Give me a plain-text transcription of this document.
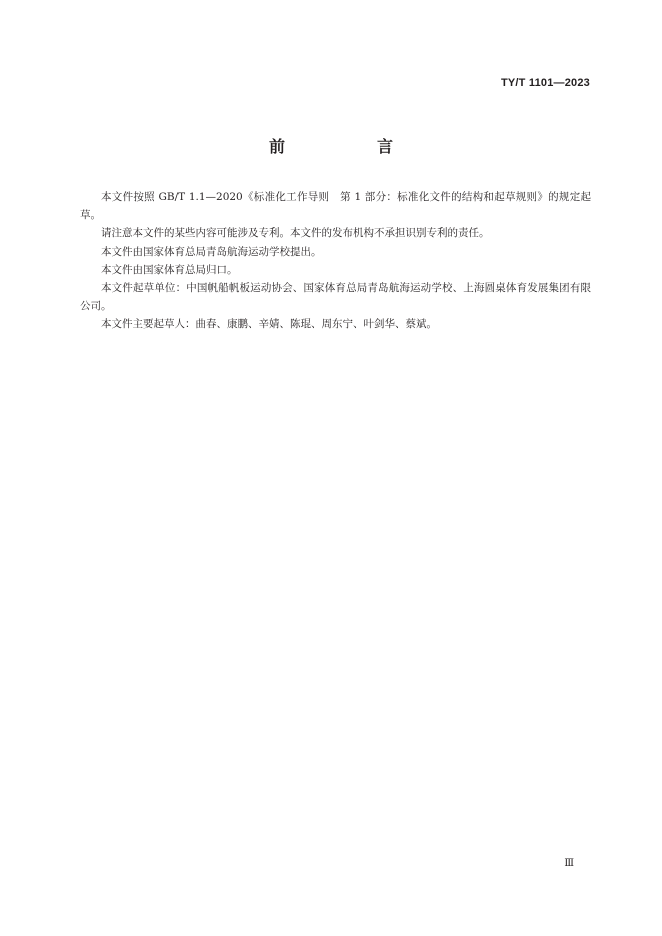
TY/T 1101—2023
前　言

本文件按照 GB/T 1.1—2020《标准化工作导则　第 1 部分：标准化文件的结构和起草规则》的规定起草。

请注意本文件的某些内容可能涉及专利。本文件的发布机构不承担识别专利的责任。

本文件由国家体育总局青岛航海运动学校提出。

本文件由国家体育总局归口。

本文件起草单位：中国帆船帆板运动协会、国家体育总局青岛航海运动学校、上海圆桌体育发展集团有限公司。

本文件主要起草人：曲春、康鹏、辛婧、陈琨、周东宁、叶剑华、蔡斌。

Ⅲ
